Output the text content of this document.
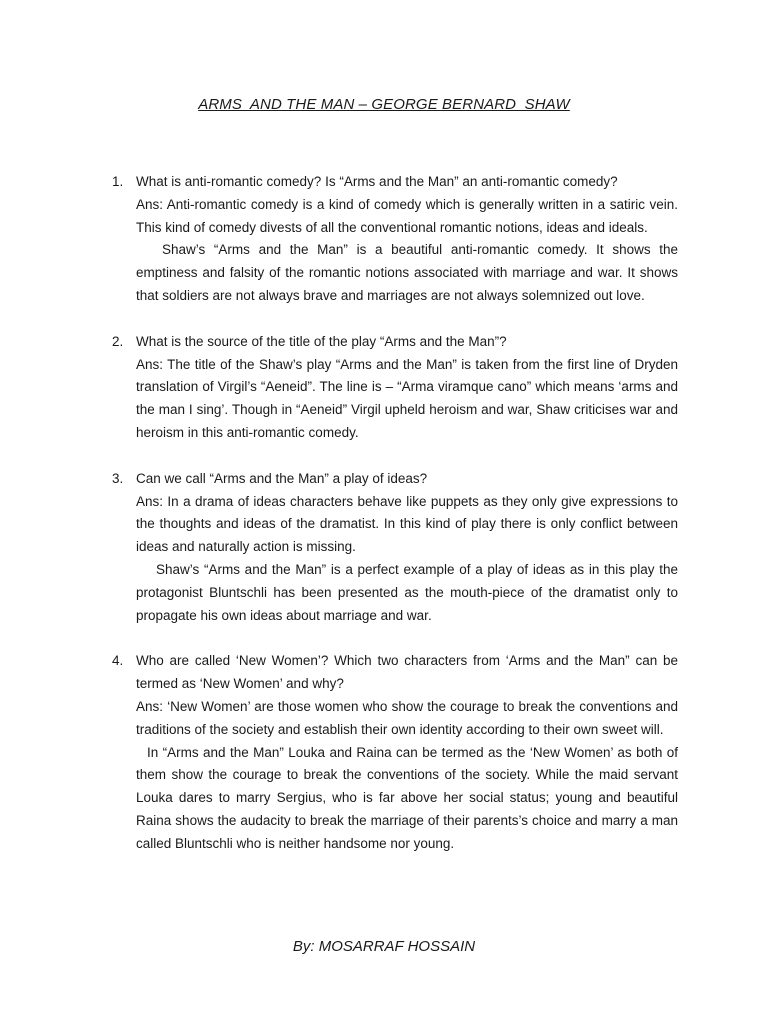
ARMS  AND THE MAN – GEORGE BERNARD  SHAW
1. What is anti-romantic comedy? Is “Arms and the Man” an anti-romantic comedy?

Ans: Anti-romantic comedy is a kind of comedy which is generally written in a satiric vein. This kind of comedy divests of all the conventional romantic notions, ideas and ideals.

Shaw’s “Arms and the Man” is a beautiful anti-romantic comedy. It shows the emptiness and falsity of the romantic notions associated with marriage and war. It shows that soldiers are not always brave and marriages are not always solemnized out love.

2. What is the source of the title of the play “Arms and the Man”?

Ans: The title of the Shaw’s play “Arms and the Man” is taken from the first line of Dryden translation of Virgil’s “Aeneid”. The line is – “Arma viramque cano” which means ‘arms and the man I sing’. Though in “Aeneid” Virgil upheld heroism and war, Shaw criticises war and heroism in this anti-romantic comedy.

3. Can we call “Arms and the Man” a play of ideas?

Ans: In a drama of ideas characters behave like puppets as they only give expressions to the thoughts and ideas of the dramatist. In this kind of play there is only conflict between ideas and naturally action is missing.

Shaw’s “Arms and the Man” is a perfect example of a play of ideas as in this play the protagonist Bluntschli has been presented as the mouth-piece of the dramatist only to propagate his own ideas about marriage and war.

4. Who are called ‘New Women’? Which two characters from ‘Arms and the Man” can be termed as ‘New Women’ and why?

Ans: ‘New Women’ are those women who show the courage to break the conventions and traditions of the society and establish their own identity according to their own sweet will.

In “Arms and the Man” Louka and Raina can be termed as the ‘New Women’ as both of them show the courage to break the conventions of the society. While the maid servant Louka dares to marry Sergius, who is far above her social status; young and beautiful Raina shows the audacity to break the marriage of their parents’s choice and marry a man called Bluntschli who is neither handsome nor young.

By: MOSARRAF HOSSAIN
